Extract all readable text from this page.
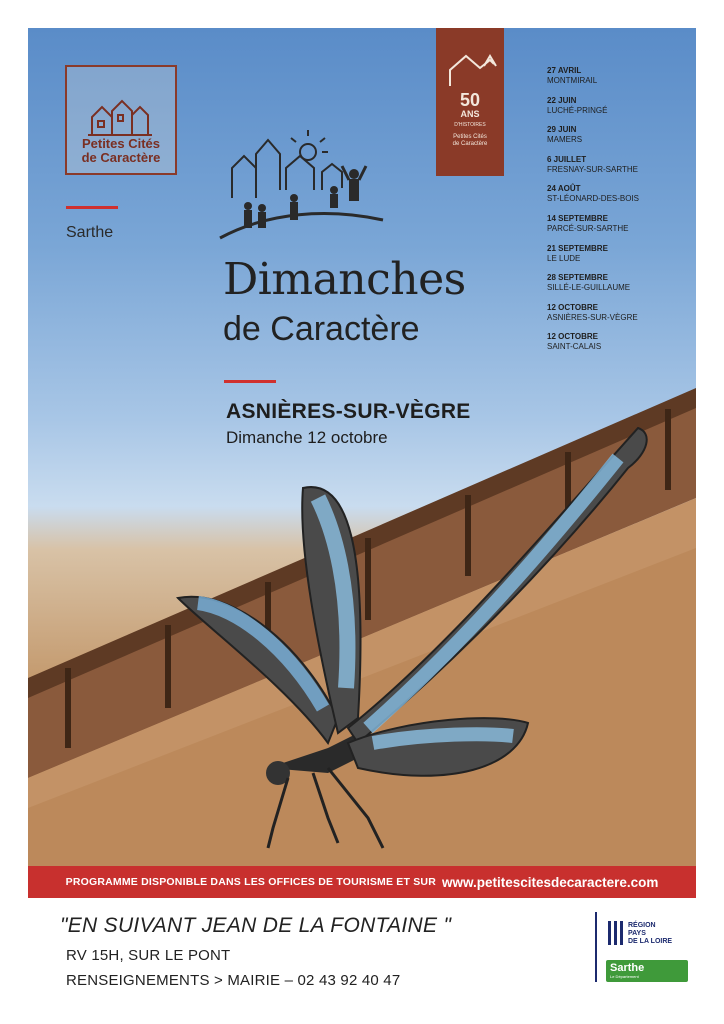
Petites Cités
de Caractère
Sarthe
50
ANS
D'HISTOIRES
Petites Cités
de Caractère
Dimanches
de Caractère
ASNIÈRES-SUR-VÈGRE
Dimanche 12 octobre
27 AVRIL
MONTMIRAIL
22 JUIN
LUCHÉ-PRINGÉ
29 JUIN
MAMERS
6 JUILLET
FRESNAY-SUR-SARTHE
24 AOÛT
ST-LÉONARD-DES-BOIS
14 SEPTEMBRE
PARCÉ-SUR-SARTHE
21 SEPTEMBRE
LE LUDE
28 SEPTEMBRE
SILLÉ-LE-GUILLAUME
12 OCTOBRE
ASNIÈRES-SUR-VÈGRE
12 OCTOBRE
SAINT-CALAIS
PROGRAMME DISPONIBLE DANS LES OFFICES DE TOURISME ET SUR www.petitescitesdecaractere.com
"EN SUIVANT JEAN DE LA FONTAINE "
RV 15H, SUR LE PONT
RENSEIGNEMENTS > MAIRIE – 02 43 92 40 47
RÉGION
PAYS
DE LA LOIRE
Sarthe
Le Département
